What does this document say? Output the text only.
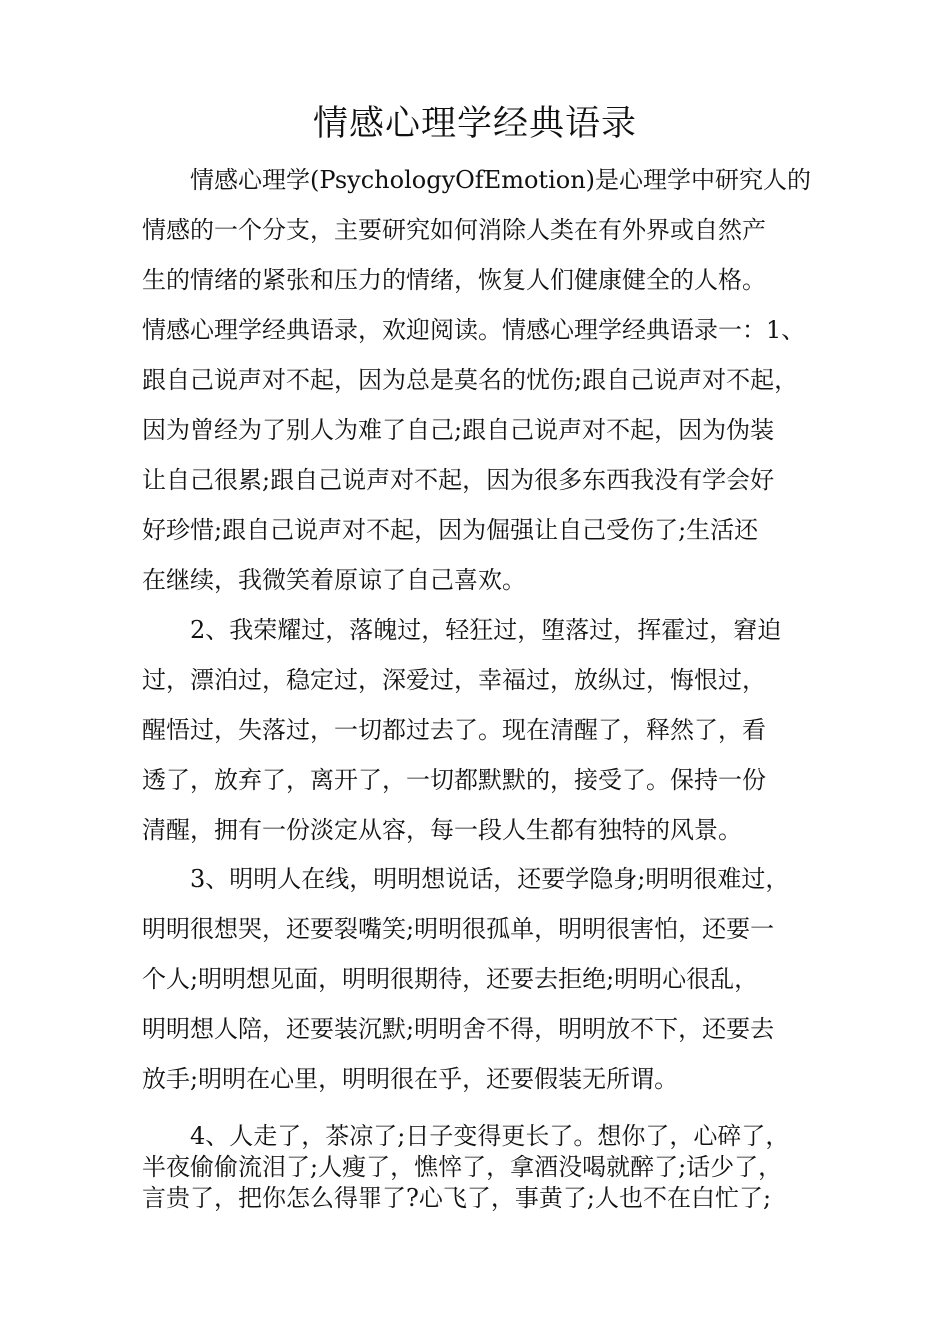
情感心理学经典语录

情感心理学(PsychologyOfEmotion)是心理学中研究人的

情感的一个分支，主要研究如何消除人类在有外界或自然产

生的情绪的紧张和压力的情绪，恢复人们健康健全的人格。

情感心理学经典语录，欢迎阅读。情感心理学经典语录一：1、

跟自己说声对不起，因为总是莫名的忧伤;跟自己说声对不起，

因为曾经为了别人为难了自己;跟自己说声对不起，因为伪装

让自己很累;跟自己说声对不起，因为很多东西我没有学会好

好珍惜;跟自己说声对不起，因为倔强让自己受伤了;生活还

在继续，我微笑着原谅了自己喜欢。

2、我荣耀过，落魄过，轻狂过，堕落过，挥霍过，窘迫

过，漂泊过，稳定过，深爱过，幸福过，放纵过，悔恨过，

醒悟过，失落过，一切都过去了。现在清醒了，释然了，看

透了，放弃了，离开了，一切都默默的，接受了。保持一份

清醒，拥有一份淡定从容，每一段人生都有独特的风景。

3、明明人在线，明明想说话，还要学隐身;明明很难过，

明明很想哭，还要裂嘴笑;明明很孤单，明明很害怕，还要一

个人;明明想见面，明明很期待，还要去拒绝;明明心很乱，

明明想人陪，还要装沉默;明明舍不得，明明放不下，还要去

放手;明明在心里，明明很在乎，还要假装无所谓。

4、人走了，茶凉了;日子变得更长了。想你了，心碎了，

半夜偷偷流泪了;人瘦了，憔悴了，拿酒没喝就醉了;话少了，

言贵了，把你怎么得罪了?心飞了，事黄了;人也不在白忙了;
